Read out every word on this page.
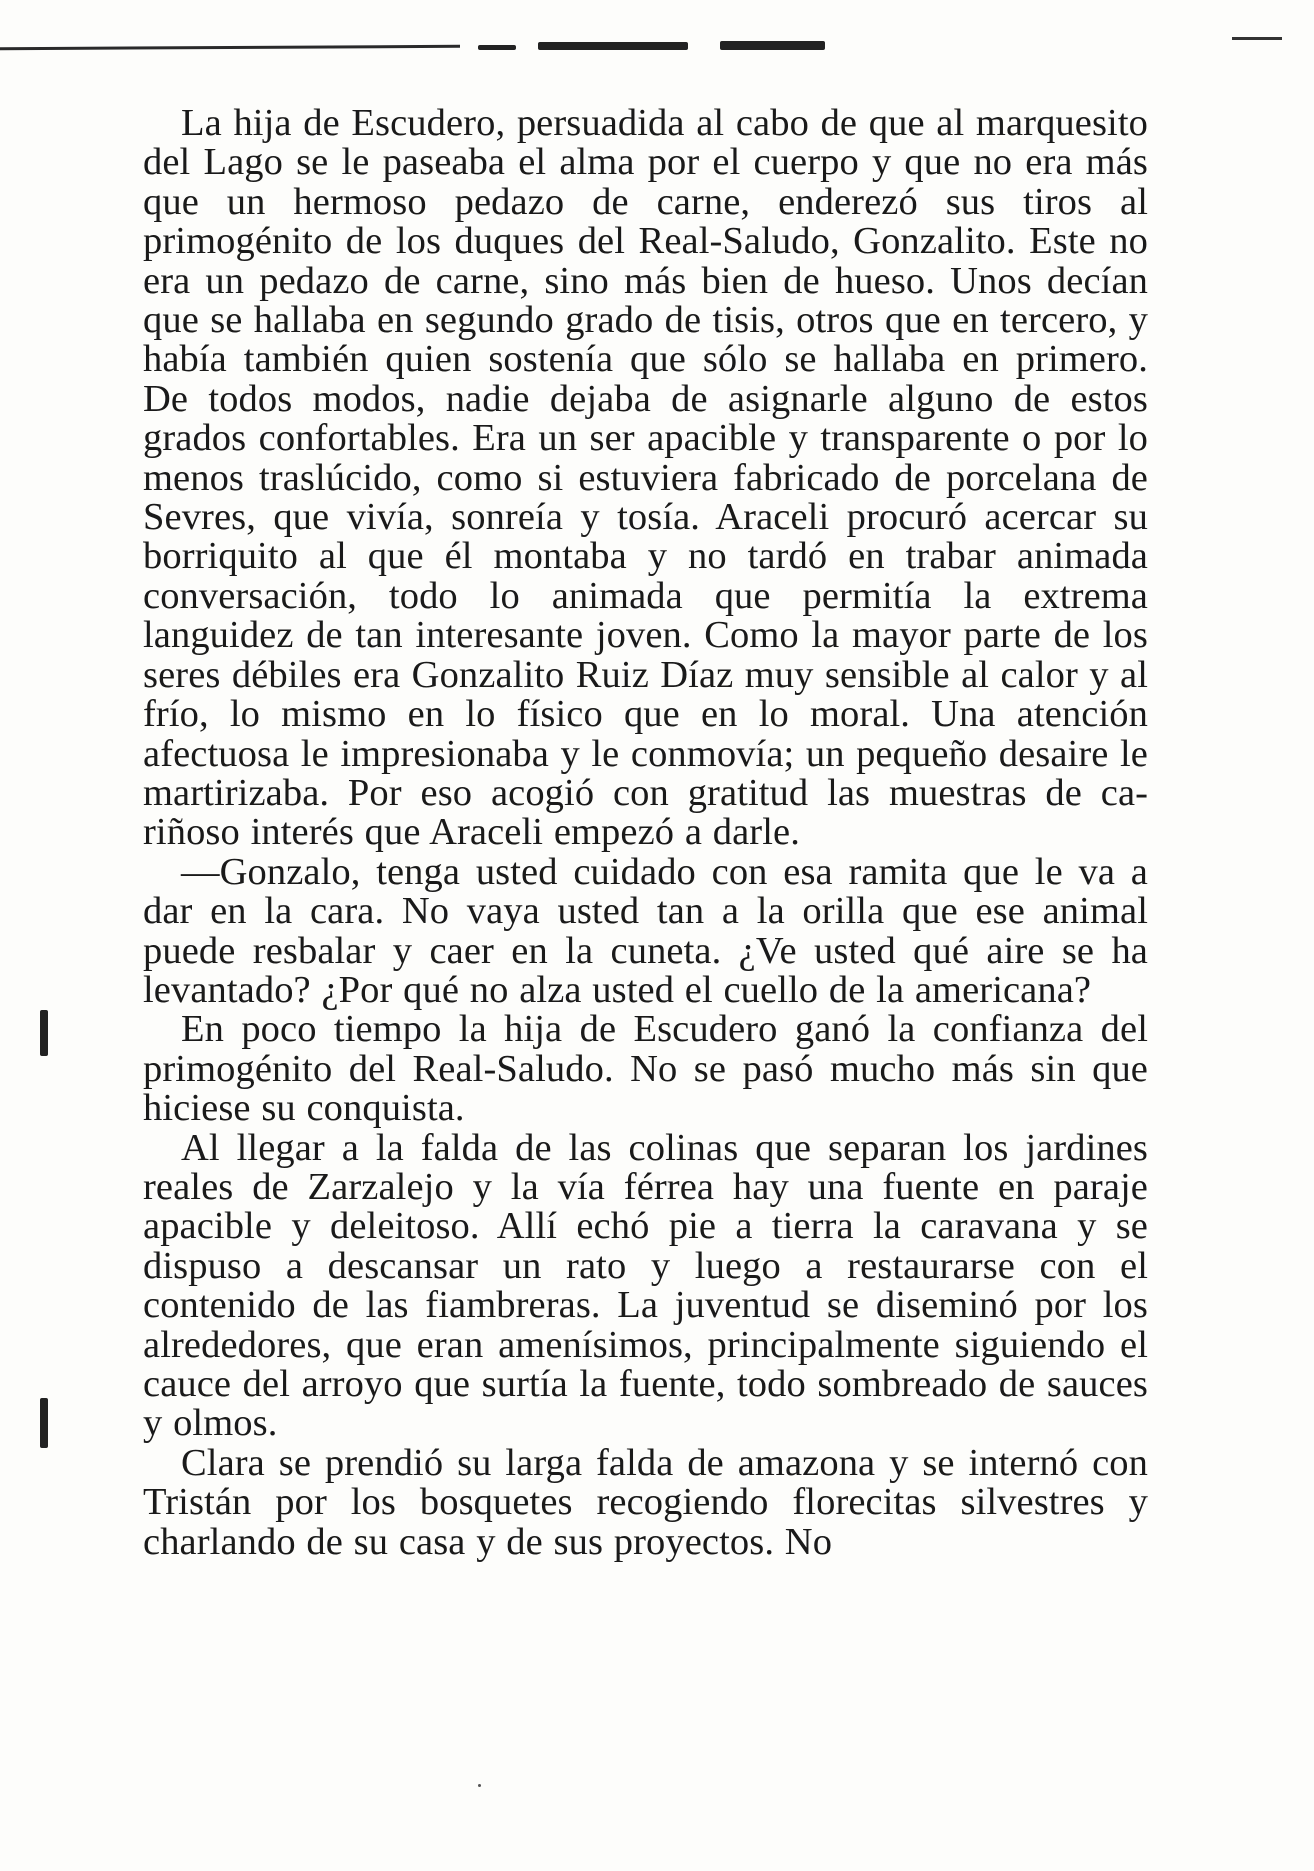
La hija de Escudero, persuadida al cabo de que al marquesito del Lago se le paseaba el alma por el cuerpo y que no era más que un hermoso pedazo de carne, enderezó sus tiros al primogénito de los duques del Real-Saludo, Gonzalito. Este no era un pedazo de carne, sino más bien de hueso. Unos decían que se hallaba en segundo grado de tisis, otros que en tercero, y había también quien sostenía que sólo se hallaba en primero. De todos modos, nadie dejaba de asignarle alguno de estos grados confortables. Era un ser apacible y transparente o por lo menos traslúcido, como si estuviera fabricado de porcelana de Sevres, que vivía, sonreía y tosía. Araceli procuró acercar su borriquito al que él montaba y no tardó en trabar animada conversación, todo lo animada que permitía la extrema languidez de tan interesante joven. Como la mayor parte de los seres débiles era Gonzalito Ruiz Díaz muy sensible al calor y al frío, lo mismo en lo físico que en lo moral. Una atención afectuosa le impresionaba y le conmovía; un pequeño desaire le martirizaba. Por eso acogió con gratitud las muestras de cariñoso interés que Araceli empezó a darle.

—Gonzalo, tenga usted cuidado con esa ramita que le va a dar en la cara. No vaya usted tan a la orilla que ese animal puede resbalar y caer en la cuneta. ¿Ve usted qué aire se ha levantado? ¿Por qué no alza usted el cuello de la americana?

En poco tiempo la hija de Escudero ganó la confianza del primogénito del Real-Saludo. No se pasó mucho más sin que hiciese su conquista.

Al llegar a la falda de las colinas que separan los jardines reales de Zarzalejo y la vía férrea hay una fuente en paraje apacible y deleitoso. Allí echó pie a tierra la caravana y se dispuso a descansar un rato y luego a restaurarse con el contenido de las fiambreras. La juventud se diseminó por los alrededores, que eran amenísimos, principalmente siguiendo el cauce del arroyo que surtía la fuente, todo sombreado de sauces y olmos.

Clara se prendió su larga falda de amazona y se internó con Tristán por los bosquetes recogiendo florecitas silvestres y charlando de su casa y de sus proyectos. No
